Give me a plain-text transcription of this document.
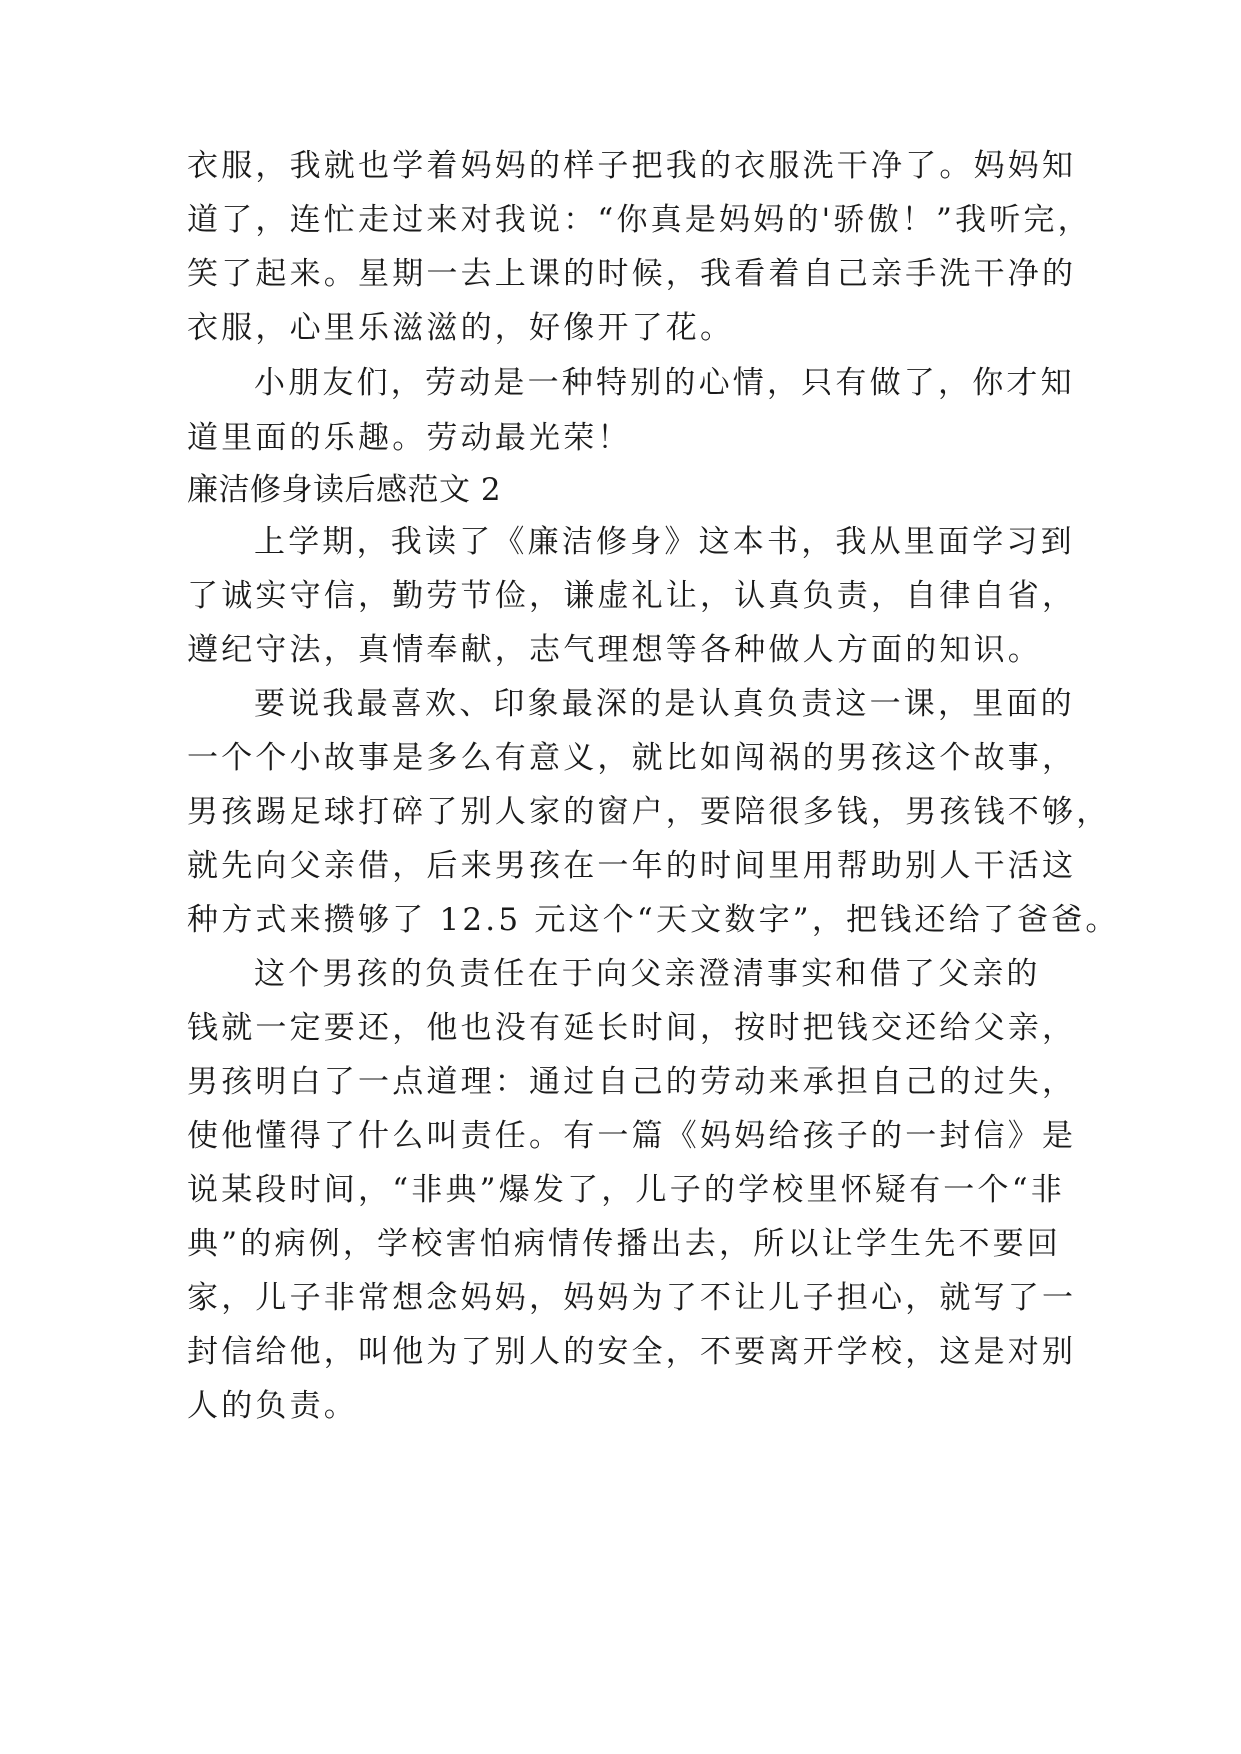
衣服，我就也学着妈妈的样子把我的衣服洗干净了。妈妈知
道了，连忙走过来对我说：“你真是妈妈的'骄傲！”我听完，
笑了起来。星期一去上课的时候，我看着自己亲手洗干净的
衣服，心里乐滋滋的，好像开了花。
小朋友们，劳动是一种特别的心情，只有做了，你才知
道里面的乐趣。劳动最光荣！
廉洁修身读后感范文 2
上学期，我读了《廉洁修身》这本书，我从里面学习到
了诚实守信，勤劳节俭，谦虚礼让，认真负责，自律自省，
遵纪守法，真情奉献，志气理想等各种做人方面的知识。
要说我最喜欢、印象最深的是认真负责这一课，里面的
一个个小故事是多么有意义，就比如闯祸的男孩这个故事，
男孩踢足球打碎了别人家的窗户，要陪很多钱，男孩钱不够，
就先向父亲借，后来男孩在一年的时间里用帮助别人干活这
种方式来攒够了 12.5 元这个“天文数字”，把钱还给了爸爸。
这个男孩的负责任在于向父亲澄清事实和借了父亲的
钱就一定要还，他也没有延长时间，按时把钱交还给父亲，
男孩明白了一点道理：通过自己的劳动来承担自己的过失，
使他懂得了什么叫责任。有一篇《妈妈给孩子的一封信》是
说某段时间，“非典”爆发了，儿子的学校里怀疑有一个“非
典”的病例，学校害怕病情传播出去，所以让学生先不要回
家，儿子非常想念妈妈，妈妈为了不让儿子担心，就写了一
封信给他，叫他为了别人的安全，不要离开学校，这是对别
人的负责。
